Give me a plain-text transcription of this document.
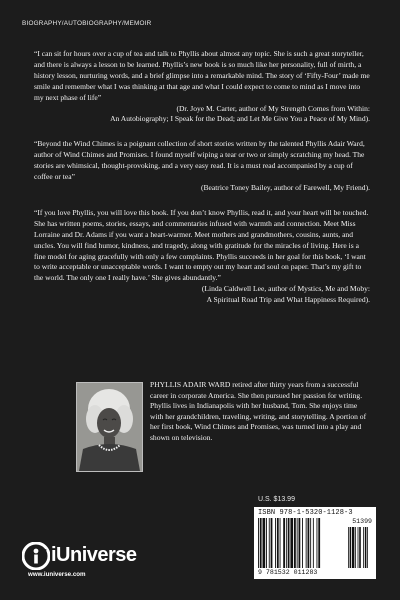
BIOGRAPHY/AUTOBIOGRAPHY/MEMOIR

“I can sit for hours over a cup of tea and talk to Phyllis about almost any topic. She is such a great storyteller, and there is always a lesson to be learned. Phyllis’s new book is so much like her personality, full of mirth, a history lesson, nurturing words, and a brief glimpse into a remarkable mind. The story of ‘Fifty-Four’ made me smile and remember what I was thinking at that age and what I could expect to come to mind as I move into my next phase of life”

(Dr. Joye M. Carter, author of My Strength Comes from Within:

An Autobiography; I Speak for the Dead; and Let Me Give You a Peace of My Mind).

“Beyond the Wind Chimes is a poignant collection of short stories written by the talented Phyllis Adair Ward, author of Wind Chimes and Promises. I found myself wiping a tear or two or simply scratching my head. The stories are whimsical, thought-provoking, and a very easy read. It is a must read accompanied by a cup of coffee or tea”

(Beatrice Toney Bailey, author of Farewell, My Friend).

“If you love Phyllis, you will love this book. If you don’t know Phyllis, read it, and your heart will be touched. She has written poems, stories, essays, and commentaries infused with warmth and connection. Meet Miss Lorraine and Dr. Adams if you want a heart-warmer. Meet mothers and grandmothers, cousins, aunts, and uncles. You will find humor, kindness, and tragedy, along with gratitude for the miracles of living. Here is a fine model for aging gracefully with only a few complaints. Phyllis succeeds in her goal for this book, ‘I want to write acceptable or unacceptable words. I want to empty out my heart and soul on paper. That’s my gift to the world. The only one I really have.’ She gives abundantly.”

(Linda Caldwell Lee, author of Mystics, Me and Moby:

A Spiritual Road Trip and What Happiness Required).

PHYLLIS ADAIR WARD retired after thirty years from a successful career in corporate America. She then pursued her passion for writing. Phyllis lives in Indianapolis with her husband, Tom. She enjoys time with her grandchildren, traveling, writing, and storytelling. A portion of her first book, Wind Chimes and Promises, was turned into a play and shown on television.

U.S. $13.99
ISBN 978-1-5320-1128-3
51399
9 781532 011283
iUniverse
www.iuniverse.com
